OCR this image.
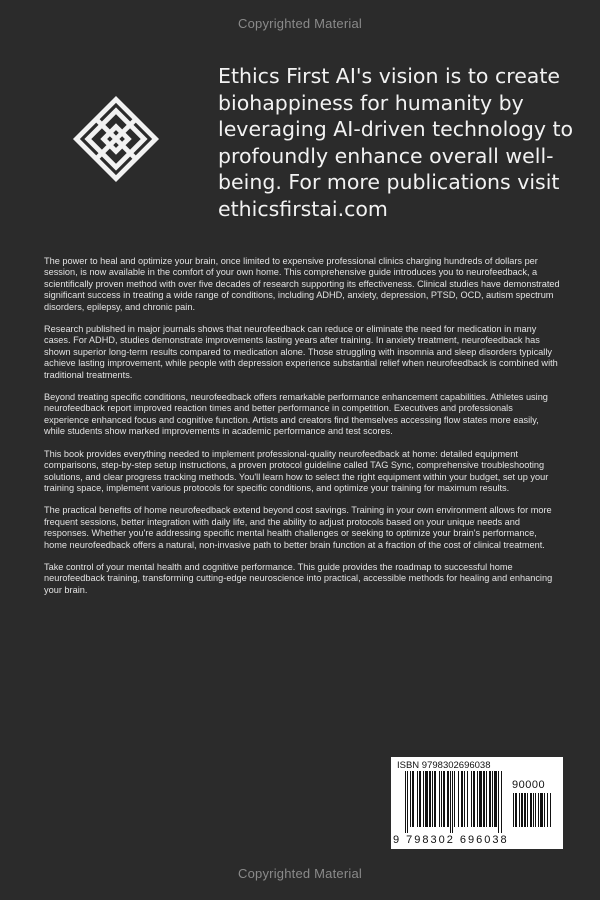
Copyrighted Material
Ethics First AI's vision is to create biohappiness for humanity by leveraging AI-driven technology to profoundly enhance overall well-being. For more publications visit ethicsfirstai.com

The power to heal and optimize your brain, once limited to expensive professional clinics charging hundreds of dollars per session, is now available in the comfort of your own home. This comprehensive guide introduces you to neurofeedback, a scientifically proven method with over five decades of research supporting its effectiveness. Clinical studies have demonstrated significant success in treating a wide range of conditions, including ADHD, anxiety, depression, PTSD, OCD, autism spectrum disorders, epilepsy, and chronic pain.

Research published in major journals shows that neurofeedback can reduce or eliminate the need for medication in many cases. For ADHD, studies demonstrate improvements lasting years after training. In anxiety treatment, neurofeedback has shown superior long-term results compared to medication alone. Those struggling with insomnia and sleep disorders typically achieve lasting improvement, while people with depression experience substantial relief when neurofeedback is combined with traditional treatments.

Beyond treating specific conditions, neurofeedback offers remarkable performance enhancement capabilities. Athletes using neurofeedback report improved reaction times and better performance in competition. Executives and professionals experience enhanced focus and cognitive function. Artists and creators find themselves accessing flow states more easily, while students show marked improvements in academic performance and test scores.

This book provides everything needed to implement professional-quality neurofeedback at home: detailed equipment comparisons, step-by-step setup instructions, a proven protocol guideline called TAG Sync, comprehensive troubleshooting solutions, and clear progress tracking methods. You'll learn how to select the right equipment within your budget, set up your training space, implement various protocols for specific conditions, and optimize your training for maximum results.

The practical benefits of home neurofeedback extend beyond cost savings. Training in your own environment allows for more frequent sessions, better integration with daily life, and the ability to adjust protocols based on your unique needs and responses. Whether you're addressing specific mental health challenges or seeking to optimize your brain's performance, home neurofeedback offers a natural, non-invasive path to better brain function at a fraction of the cost of clinical treatment.

Take control of your mental health and cognitive performance. This guide provides the roadmap to successful home neurofeedback training, transforming cutting-edge neuroscience into practical, accessible methods for healing and enhancing your brain.

ISBN 9798302696038
90000
9 798302 696038
Copyrighted Material
